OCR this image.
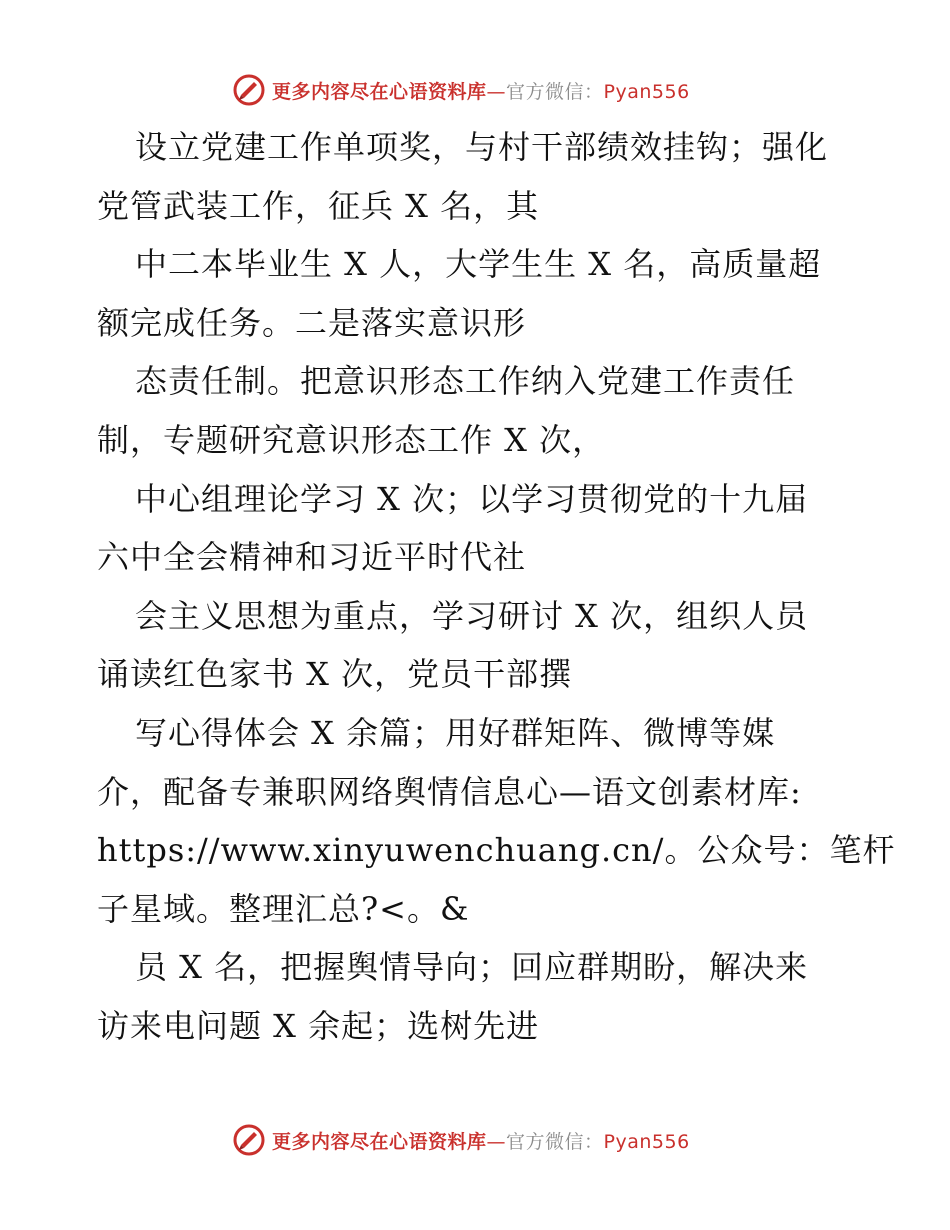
更多内容尽在心语资料库—官方微信：Pyan556
设立党建工作单项奖，与村干部绩效挂钩；强化
党管武装工作，征兵 X 名，其
中二本毕业生 X 人，大学生生 X 名，高质量超
额完成任务。二是落实意识形
态责任制。把意识形态工作纳入党建工作责任
制，专题研究意识形态工作 X 次，
中心组理论学习 X 次；以学习贯彻党的十九届
六中全会精神和习近平时代社
会主义思想为重点，学习研讨 X 次，组织人员
诵读红色家书 X 次，党员干部撰
写心得体会 X 余篇；用好群矩阵、微博等媒
介，配备专兼职网络舆情信息心—语文创素材库:
https://www.xinyuwenchuang.cn/。公众号：笔杆
子星域。整理汇总?<。&
员 X 名，把握舆情导向；回应群期盼，解决来
访来电问题 X 余起；选树先进
更多内容尽在心语资料库—官方微信：Pyan556
